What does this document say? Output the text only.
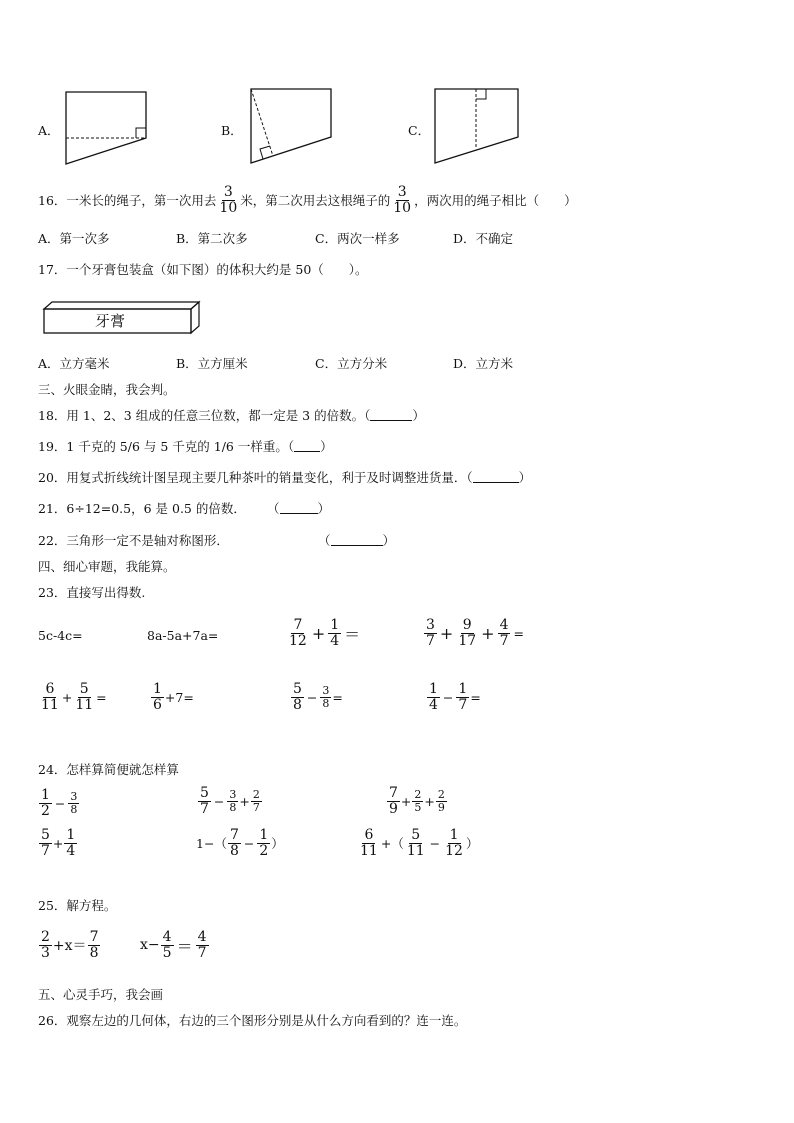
A．	B．	C．
16． 一米长的绳子，第一次用去 $\frac{3}{10}$ 米，第二次用去这根绳子的 $\frac{3}{10}$ ，两次用的绳子相比（　　）
A．第一次多	B．第二次多	C．两次一样多	D．不确定
17．一个牙膏包装盒（如下图）的体积大约是 50（　　）。
牙膏
A．立方毫米	B．立方厘米	C．立方分米	D．立方米
三、火眼金睛，我会判。
18．用 1、2、3 组成的任意三位数，都一定是 3 的倍数。（	）
19．1 千克的 5/6 与 5 千克的 1/6 一样重。（ ）
20．用复式折线统计图呈现主要几种茶叶的销量变化，利于及时调整进货量．（	）
21．6÷12=0.5，6 是 0.5 的倍数． （	）
22．三角形一定不是轴对称图形．	（	）
四、细心审题，我能算。
23．直接写出得数.
5c-4c=	8a-5a+7a=	$\frac{7}{12} + \frac{1}{4}$ ＝	$\frac{3}{7} + \frac{9}{17} + \frac{4}{7}$ =
$\frac{6}{11} + \frac{5}{11}$ =	$\frac{1}{6} +7=$	$\frac{5}{8} - \frac{3}{8}$ =	$\frac{1}{4} - \frac{1}{7}$ =
24．怎样算简便就怎样算
$\frac{1}{2} - \frac{3}{8}$	$\frac{5}{7} - \frac{3}{8} + \frac{2}{7}$	$\frac{7}{9} + \frac{2}{5} + \frac{2}{9}$
$\frac{5}{7} + \frac{1}{4}$	1− （ $\frac{7}{8} - \frac{1}{2}$ ）	$\frac{6}{11}$ + （ $\frac{5}{11} - \frac{1}{12}$ ）
25．解方程。
$\frac{2}{3} +x= \frac{7}{8}$	$x- \frac{4}{5} = \frac{4}{7}$
五、心灵手巧，我会画
26．观察左边的几何体，右边的三个图形分别是从什么方向看到的？连一连。
